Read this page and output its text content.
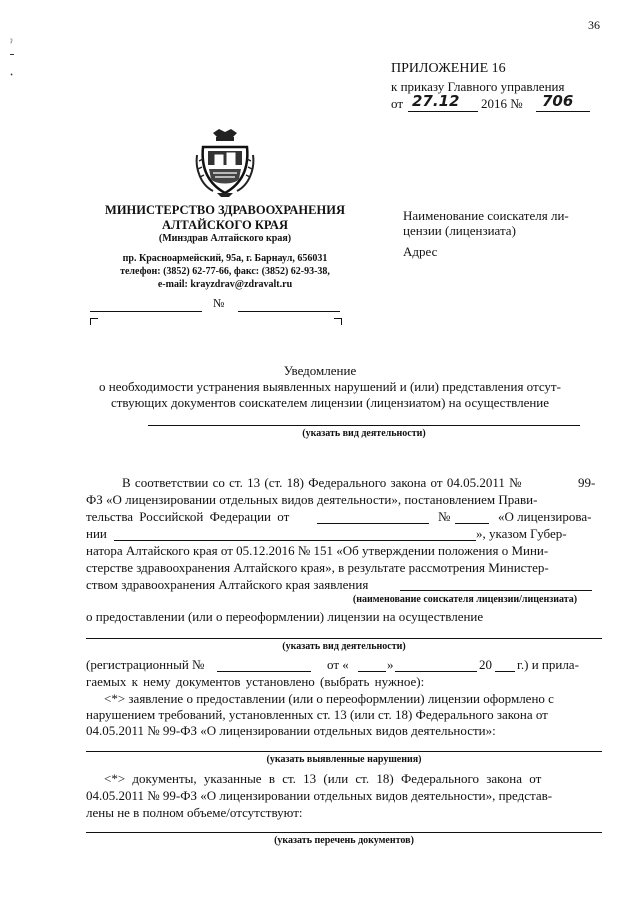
36
ˀ
ꞏ	ПРИЛОЖЕНИЕ 16
к приказу Главного управления
от 27.12 2016 № 706
МИНИСТЕРСТВО ЗДРАВООХРАНЕНИЯ
АЛТАЙСКОГО КРАЯ
(Минздрав Алтайского края)
пр. Красноармейский, 95а, г. Барнаул, 656031
телефон: (3852) 62-77-66, факс: (3852) 62-93-38,
e-mail: krayzdrav@zdravalt.ru
№
Наименование соискателя ли-
цензии (лицензиата)
Адрес
Уведомление
о необходимости устранения выявленных нарушений и (или) представления отсут-
ствующих документов соискателем лицензии (лицензиатом) на осуществление
(указать вид деятельности)
В соответствии со ст. 13 (ст. 18) Федерального закона от 04.05.2011 №	99-
ФЗ «О лицензировании отдельных видов деятельности», постановлением Прави-
тельства Российской Федерации от	№	«О лицензирова-
нии	», указом Губер-
натора Алтайского края от 05.12.2016 № 151 «Об утверждении положения о Мини-
стерстве здравоохранения Алтайского края», в результате рассмотрения Министер-
ством здравоохранения Алтайского края заявления
(наименование соискателя лицензии/лицензиата)
о предоставлении (или о переоформлении) лицензии на осуществление
(указать вид деятельности)
(регистрационный №	от «	»	20 г.) и прила-
гаемых к нему документов установлено (выбрать нужное):
<*> заявление о предоставлении (или о переоформлении) лицензии оформлено с
нарушением требований, установленных ст. 13 (или ст. 18) Федерального закона от
04.05.2011 № 99-ФЗ «О лицензировании отдельных видов деятельности»:
(указать выявленные нарушения)
<*> документы, указанные в ст. 13 (или ст. 18) Федерального закона от
04.05.2011 № 99-ФЗ «О лицензировании отдельных видов деятельности», представ-
лены не в полном объеме/отсутствуют:
(указать перечень документов)
